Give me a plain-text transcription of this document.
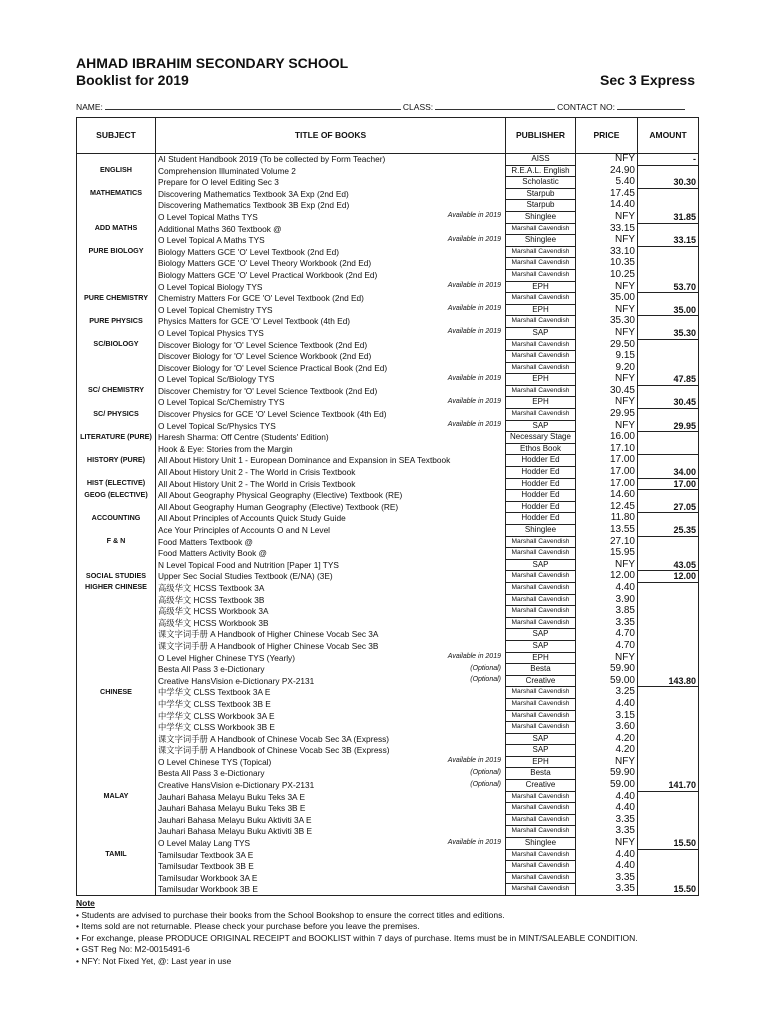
AHMAD IBRAHIM SECONDARY SCHOOL
Booklist for 2019	Sec 3 Express
NAME:	CLASS:	CONTACT NO:
SUBJECT	TITLE OF BOOKS	PUBLISHER	PRICE	AMOUNT
	AI Student Handbook 2019 (To be collected by Form Teacher)	AISS	NFY	-
ENGLISH	Comprehension Illuminated Volume 2	R.E.A.L. English	24.90	
	Prepare for O level Editing Sec 3	Scholastic	5.40	30.30
MATHEMATICS	Discovering Mathematics Textbook 3A Exp (2nd Ed)	Starpub	17.45	
	Discovering Mathematics Textbook 3B Exp (2nd Ed)	Starpub	14.40	
	O Level Topical Maths TYS Available in 2019	Shinglee	NFY	31.85
ADD MATHS	Additional Maths 360 Textbook @	Marshall Cavendish	33.15	
	O Level Topical A Maths TYS Available in 2019	Shinglee	NFY	33.15
PURE BIOLOGY	Biology Matters GCE 'O' Level Textbook (2nd Ed)	Marshall Cavendish	33.10	
	Biology Matters GCE 'O' Level Theory Workbook (2nd Ed)	Marshall Cavendish	10.35	
	Biology Matters GCE 'O' Level Practical Workbook (2nd Ed)	Marshall Cavendish	10.25	
	O Level Topical Biology TYS Available in 2019	EPH	NFY	53.70
PURE CHEMISTRY	Chemistry Matters For GCE 'O' Level Textbook (2nd Ed)	Marshall Cavendish	35.00	
	O Level Topical Chemistry TYS Available in 2019	EPH	NFY	35.00
PURE PHYSICS	Physics Matters for GCE 'O' Level Textbook (4th Ed)	Marshall Cavendish	35.30	
	O Level Topical Physics TYS Available in 2019	SAP	NFY	35.30
SC/BIOLOGY	Discover Biology for 'O' Level Science Textbook (2nd Ed)	Marshall Cavendish	29.50	
	Discover Biology for 'O' Level Science Workbook (2nd Ed)	Marshall Cavendish	9.15	
	Discover Biology for 'O' Level Science Practical Book (2nd Ed)	Marshall Cavendish	9.20	
	O Level Topical Sc/Biology TYS Available in 2019	EPH	NFY	47.85
SC/ CHEMISTRY	Discover Chemistry for 'O' Level Science Textbook (2nd Ed)	Marshall Cavendish	30.45	
	O Level Topical Sc/Chemistry TYS Available in 2019	EPH	NFY	30.45
SC/ PHYSICS	Discover Physics for GCE 'O' Level Science Textbook (4th Ed)	Marshall Cavendish	29.95	
	O Level Topical Sc/Physics TYS Available in 2019	SAP	NFY	29.95
LITERATURE (PURE)	Haresh Sharma: Off Centre (Students' Edition)	Necessary Stage	16.00	
	Hook & Eye: Stories from the Margin	Ethos Book	17.10	
HISTORY (PURE)	All About History Unit 1 - European Dominance and Expansion in SEA Textbook	Hodder Ed	17.00	
	All About History Unit 2 - The World in Crisis Textbook	Hodder Ed	17.00	34.00
HIST (ELECTIVE)	All About History Unit 2 - The World in Crisis Textbook	Hodder Ed	17.00	17.00
GEOG (ELECTIVE)	All About Geography Physical Geography (Elective) Textbook (RE)	Hodder Ed	14.60	
	All About Geography Human Geography (Elective) Textbook (RE)	Hodder Ed	12.45	27.05
ACCOUNTING	All About Principles of Accounts Quick Study Guide	Hodder Ed	11.80	
	Ace Your Principles of Accounts O and N Level	Shinglee	13.55	25.35
F & N	Food Matters Textbook @	Marshall Cavendish	27.10	
	Food Matters Activity Book @	Marshall Cavendish	15.95	
	N Level Topical Food and Nutrition [Paper 1] TYS	SAP	NFY	43.05
SOCIAL STUDIES	Upper Sec Social Studies Textbook (E/NA) (3E)	Marshall Cavendish	12.00	12.00
HIGHER CHINESE	高级华文 HCSS Textbook 3A	Marshall Cavendish	4.40	
	高级华文 HCSS Textbook 3B	Marshall Cavendish	3.90	
	高级华文 HCSS Workbook 3A	Marshall Cavendish	3.85	
	高级华文 HCSS Workbook 3B	Marshall Cavendish	3.35	
	课文字词手册 A Handbook of Higher Chinese Vocab Sec 3A	SAP	4.70	
	课文字词手册 A Handbook of Higher Chinese Vocab Sec 3B	SAP	4.70	
	O Level Higher Chinese TYS (Yearly) Available in 2019	EPH	NFY	
	Besta All Pass 3 e-Dictionary (Optional)	Besta	59.90	
	Creative HansVision e-Dictionary PX-2131 (Optional)	Creative	59.00	143.80
CHINESE	中学华文 CLSS Textbook 3A E	Marshall Cavendish	3.25	
	中学华文 CLSS Textbook 3B E	Marshall Cavendish	4.40	
	中学华文 CLSS Workbook 3A E	Marshall Cavendish	3.15	
	中学华文 CLSS Workbook 3B E	Marshall Cavendish	3.60	
	课文字词手册 A Handbook of Chinese Vocab Sec 3A (Express)	SAP	4.20	
	课文字词手册 A Handbook of Chinese Vocab Sec 3B (Express)	SAP	4.20	
	O Level Chinese TYS (Topical) Available in 2019	EPH	NFY	
	Besta All Pass 3 e-Dictionary (Optional)	Besta	59.90	
	Creative HansVision e-Dictionary PX-2131 (Optional)	Creative	59.00	141.70
MALAY	Jauhari Bahasa Melayu Buku Teks 3A E	Marshall Cavendish	4.40	
	Jauhari Bahasa Melayu Buku Teks 3B E	Marshall Cavendish	4.40	
	Jauhari Bahasa Melayu Buku Aktiviti 3A E	Marshall Cavendish	3.35	
	Jauhari Bahasa Melayu Buku Aktiviti 3B E	Marshall Cavendish	3.35	
	O Level Malay Lang TYS Available in 2019	Shinglee	NFY	15.50
TAMIL	Tamilsudar Textbook 3A E	Marshall Cavendish	4.40	
	Tamilsudar Textbook 3B E	Marshall Cavendish	4.40	
	Tamilsudar Workbook 3A E	Marshall Cavendish	3.35	
	Tamilsudar Workbook 3B E	Marshall Cavendish	3.35	15.50
Note
• Students are advised to purchase their books from the School Bookshop to ensure the correct titles and editions.
• Items sold are not returnable. Please check your purchase before you leave the premises.
• For exchange, please PRODUCE ORIGINAL RECEIPT and BOOKLIST within 7 days of purchase. Items must be in MINT/SALEABLE CONDITION.
• GST Reg No: M2-0015491-6
• NFY: Not Fixed Yet, @: Last year in use
